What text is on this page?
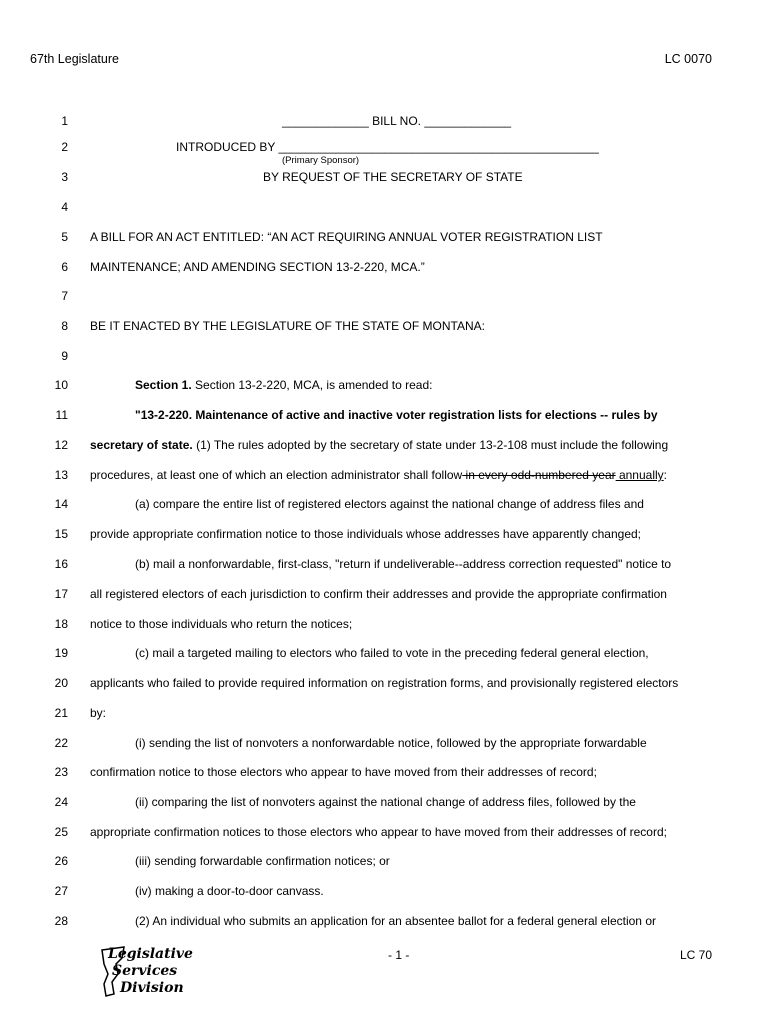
67th Legislature	LC 0070
1
2
3
4
5
6
7
8
9
10
11
12
13
14
15
16
17
18
19
20
21
22
23
24
25
26
27
28
_____________ BILL NO. _____________
INTRODUCED BY ________________________________________________
(Primary Sponsor)
BY REQUEST OF THE SECRETARY OF STATE
A BILL FOR AN ACT ENTITLED: “AN ACT REQUIRING ANNUAL VOTER REGISTRATION LIST
MAINTENANCE; AND AMENDING SECTION 13-2-220, MCA.”
BE IT ENACTED BY THE LEGISLATURE OF THE STATE OF MONTANA:
Section 1. Section 13-2-220, MCA, is amended to read:
"13-2-220. Maintenance of active and inactive voter registration lists for elections -- rules by
secretary of state. (1) The rules adopted by the secretary of state under 13-2-108 must include the following
procedures, at least one of which an election administrator shall follow in every odd-numbered year annually:
(a) compare the entire list of registered electors against the national change of address files and
provide appropriate confirmation notice to those individuals whose addresses have apparently changed;
(b) mail a nonforwardable, first-class, "return if undeliverable--address correction requested" notice to
all registered electors of each jurisdiction to confirm their addresses and provide the appropriate confirmation
notice to those individuals who return the notices;
(c) mail a targeted mailing to electors who failed to vote in the preceding federal general election,
applicants who failed to provide required information on registration forms, and provisionally registered electors
by:
(i) sending the list of nonvoters a nonforwardable notice, followed by the appropriate forwardable
confirmation notice to those electors who appear to have moved from their addresses of record;
(ii) comparing the list of nonvoters against the national change of address files, followed by the
appropriate confirmation notices to those electors who appear to have moved from their addresses of record;
(iii) sending forwardable confirmation notices; or
(iv) making a door-to-door canvass.
(2) An individual who submits an application for an absentee ballot for a federal general election or
Legislative
Services
Division
- 1 -	LC 70
